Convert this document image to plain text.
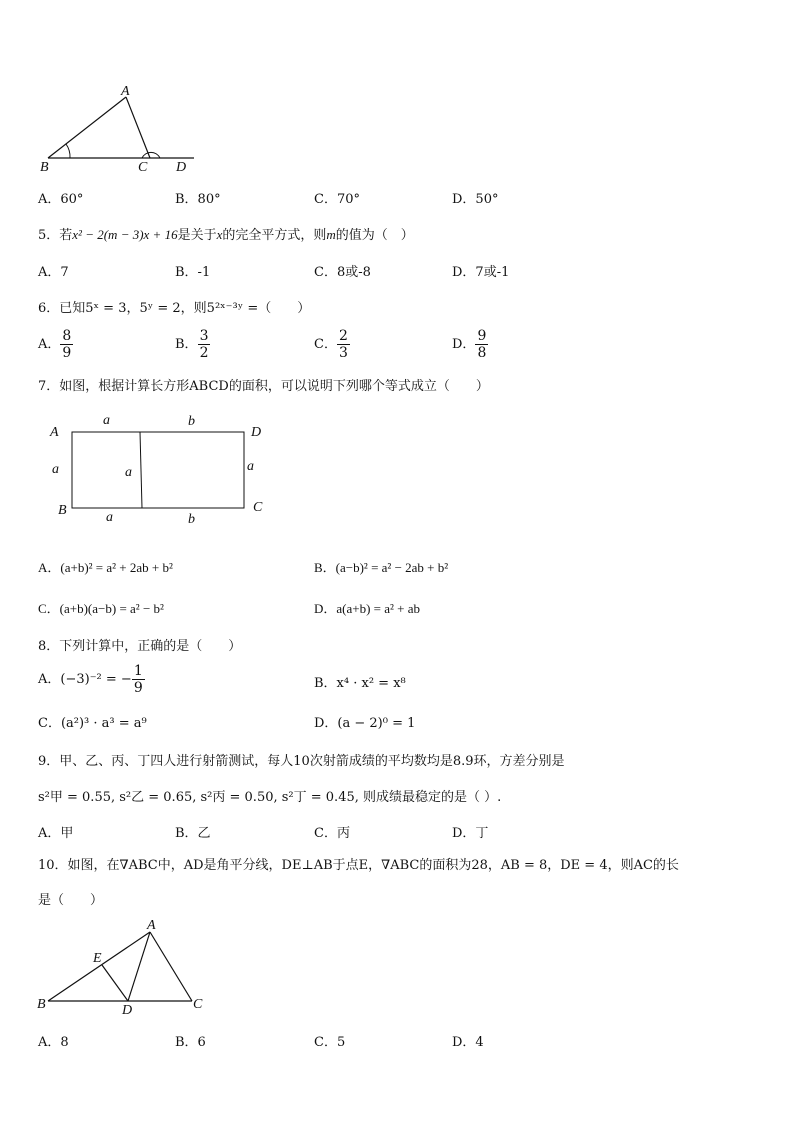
A
B	C D
A．60°	B．80°	C．70°	D．50°
5．若x² − 2(m − 3)x + 16是关于x的完全平方式，则m的值为（　）
A．7	B．-1	C．8或-8	D．7或-1
6．已知5ˣ = 3，5ʸ = 2，则5²ˣ⁻³ʸ =（　　）
A． $\frac{8}{9}$	B． $\frac{3}{2}$	C． $\frac{2}{3}$	D． $\frac{9}{8}$
7．如图，根据计算长方形ABCD的面积，可以说明下列哪个等式成立（　　）
A	D
B	C
a	b
a	a	a
a	b
A．(a+b)² = a² + 2ab + b²	B．(a−b)² = a² − 2ab + b²
C．(a+b)(a−b) = a² − b²	D．a(a+b) = a² + ab
8．下列计算中，正确的是（　　）
A．(−3)⁻² = − $\frac{1}{9}$	B．x⁴ · x² = x⁸
C．(a²)³ · a³ = a⁹	D．(a − 2)⁰ = 1
9．甲、乙、丙、丁四人进行射箭测试，每人10次射箭成绩的平均数均是8.9环，方差分别是
s²甲 = 0.55, s²乙 = 0.65, s²丙 = 0.50, s²丁 = 0.45, 则成绩最稳定的是（ ）.
A．甲	B．乙	C．丙	D．丁
10．如图，在∇ABC中，AD是角平分线，DE⊥AB于点E，∇ABC的面积为28，AB = 8，DE = 4，则AC的长
是（　　）
A
E
B	D	C
A．8	B．6	C．5	D．4
